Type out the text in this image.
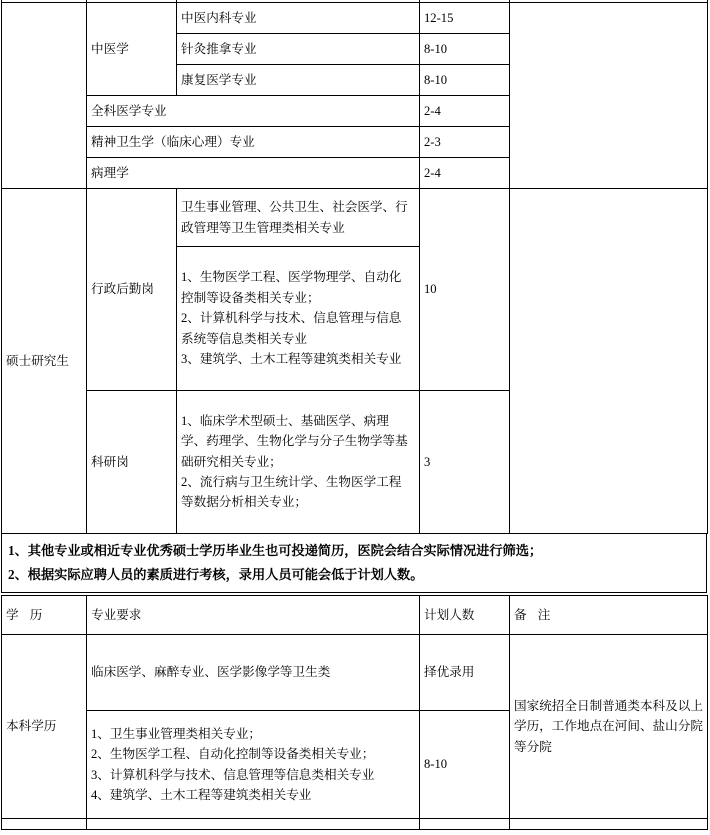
	中医学	中医内科专业	12-15	
		针灸推拿专业	8-10	
		康复医学专业	8-10	
	全科医学专业		2-4	
	精神卫生学（临床心理）专业		2-3	
	病理学		2-4	
硕士研究生	行政后勤岗	卫生事业管理、公共卫生、社会医学、行
政管理等卫生管理类相关专业	10	

		1、生物医学工程、医学物理学、自动化
控制等设备类相关专业；
2、计算机科学与技术、信息管理与信息
系统等信息类相关专业
3、建筑学、土木工程等建筑类相关专业		

	科研岗	1、临床学术型硕士、基础医学、病理
学、药理学、生物化学与分子生物学等基
础研究相关专业；
2、流行病与卫生统计学、生物医学工程
等数据分析相关专业；	3	
1、其他专业或相近专业优秀硕士学历毕业生也可投递简历，医院会结合实际情况进行筛选；
2、根据实际应聘人员的素质进行考核，录用人员可能会低于计划人数。
学 历	专业要求	计划人数	备 注
本科学历	临床医学、麻醉专业、医学影像学等卫生类	择优录用	国家统招全日制普通类本科及以上
学历，工作地点在河间、盐山分院
等分院

	1、卫生事业管理类相关专业；
2、生物医学工程、自动化控制等设备类相关专业；
3、计算机科学与技术、信息管理等信息类相关专业
4、建筑学、土木工程等建筑类相关专业	8-10	
